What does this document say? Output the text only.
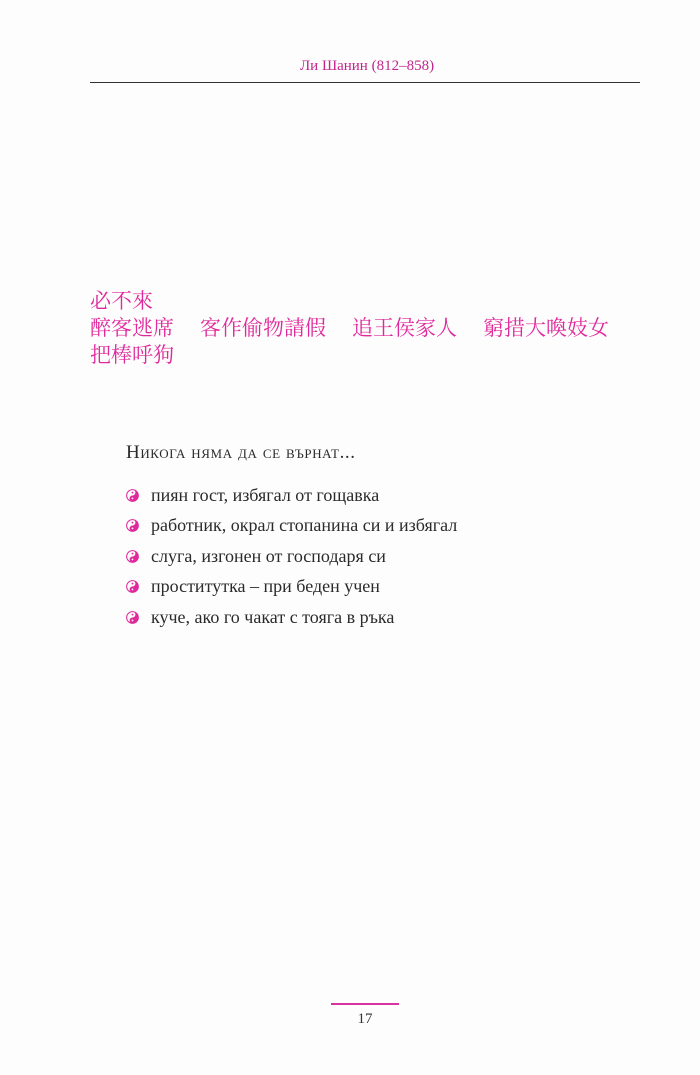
Ли Шанин (812–858)
必不來
醉客逃席 客作偷物請假 追王侯家人 窮措大喚妓女
把棒呼狗
Никога няма да се върнат...
пиян гост, избягал от гощавка
работник, окрал стопанина си и избягал
слуга, изгонен от господаря си
проститутка – при беден учен
куче, ако го чакат с тояга в ръка
17
